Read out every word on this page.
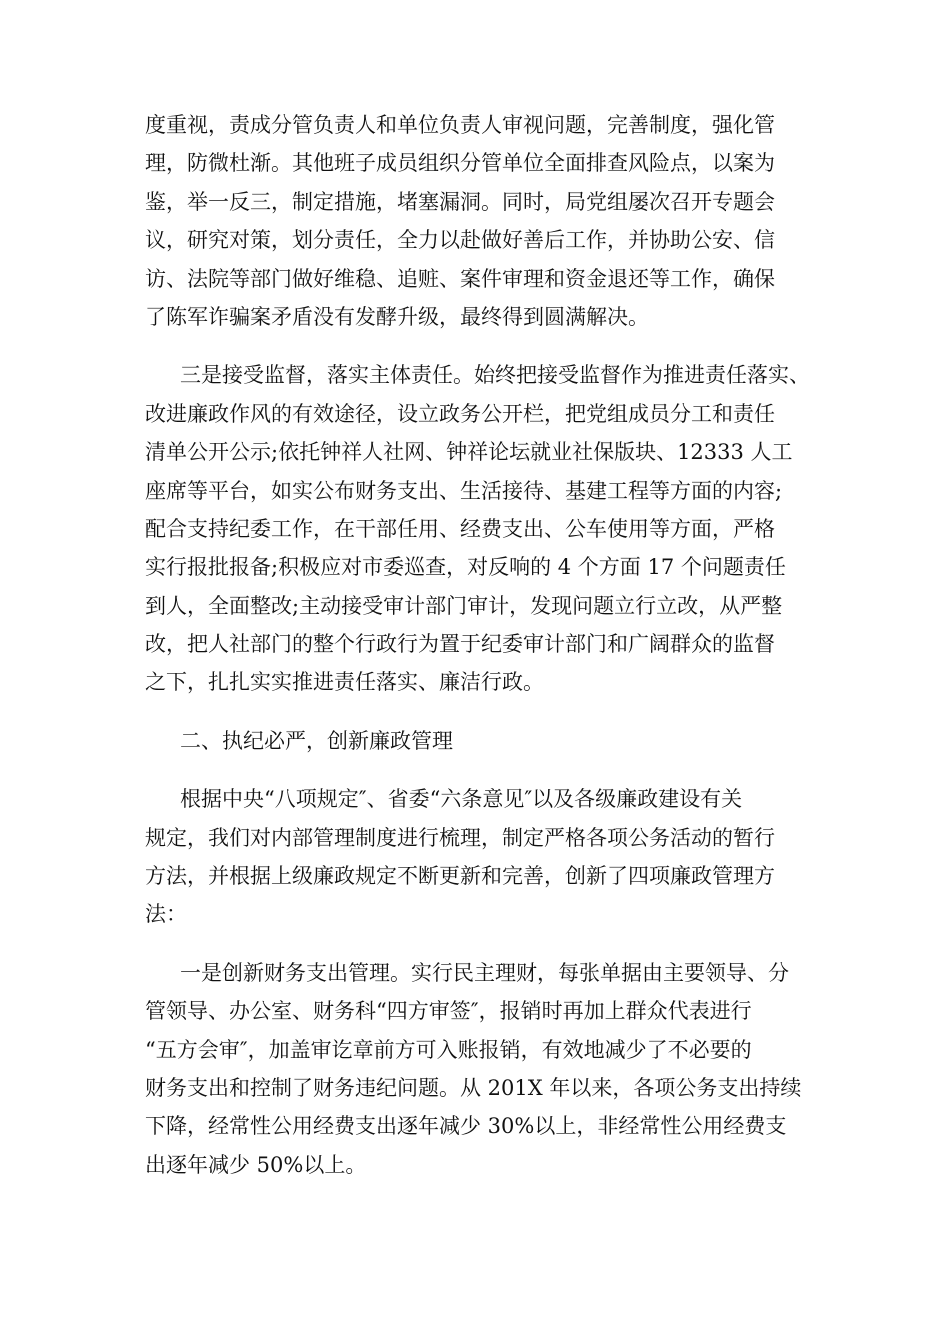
度重视，责成分管负责人和单位负责人审视问题，完善制度，强化管
理，防微杜渐。其他班子成员组织分管单位全面排查风险点，以案为
鉴，举一反三，制定措施，堵塞漏洞。同时，局党组屡次召开专题会
议，研究对策，划分责任，全力以赴做好善后工作，并协助公安、信
访、法院等部门做好维稳、追赃、案件审理和资金退还等工作，确保
了陈军诈骗案矛盾没有发酵升级，最终得到圆满解决。
三是接受监督，落实主体责任。始终把接受监督作为推进责任落实、
改进廉政作风的有效途径，设立政务公开栏，把党组成员分工和责任
清单公开公示;依托钟祥人社网、钟祥论坛就业社保版块、12333 人工
座席等平台，如实公布财务支出、生活接待、基建工程等方面的内容;
配合支持纪委工作，在干部任用、经费支出、公车使用等方面，严格
实行报批报备;积极应对市委巡查，对反响的 4 个方面 17 个问题责任
到人，全面整改;主动接受审计部门审计，发现问题立行立改，从严整
改，把人社部门的整个行政行为置于纪委审计部门和广阔群众的监督
之下，扎扎实实推进责任落实、廉洁行政。
二、执纪必严，创新廉政管理
根据中央“八项规定″、省委“六条意见″以及各级廉政建设有关
规定，我们对内部管理制度进行梳理，制定严格各项公务活动的暂行
方法，并根据上级廉政规定不断更新和完善，创新了四项廉政管理方
法：
一是创新财务支出管理。实行民主理财，每张单据由主要领导、分
管领导、办公室、财务科“四方审签″，报销时再加上群众代表进行
“五方会审″，加盖审讫章前方可入账报销，有效地减少了不必要的
财务支出和控制了财务违纪问题。从 201X 年以来，各项公务支出持续
下降，经常性公用经费支出逐年减少 30%以上，非经常性公用经费支
出逐年减少 50%以上。
